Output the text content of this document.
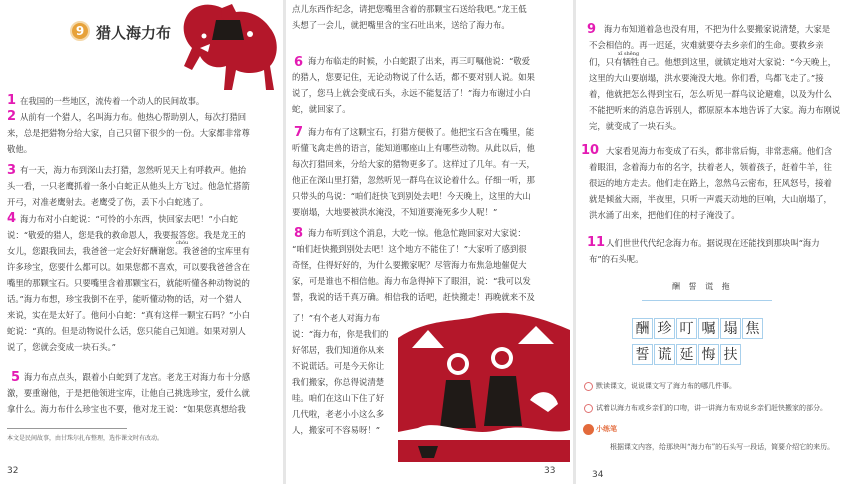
9 猎人海力布
1
2
3
4
5
在我国的一些地区，流传着一个动人的民间故事。
从前有一个猎人，名叫海力布。他热心帮助别人，每次打猎回
来，总是把猎物分给大家，自己只留下很少的一份。大家都非常尊
敬他。
有一天，海力布到深山去打猎，忽然听见天上有呼救声。他抬
头一看，一只老鹰抓着一条小白蛇正从他头上方飞过。他急忙搭箭
开弓，对准老鹰射去。老鹰受了伤，丢下小白蛇逃了。
海力布对小白蛇说：“可怜的小东西，快回家去吧！”小白蛇
说：“敬爱的猎人，您是我的救命恩人，我要报答您。我是龙王的
chóu
女儿，您跟我回去，我爸爸一定会好好酬谢您。我爸爸的宝库里有
许多珍宝，您要什么都可以。如果您都不喜欢，可以要我爸爸含在
嘴里的那颗宝石。只要嘴里含着那颗宝石，就能听懂各种动物说的
话。”海力布想，珍宝我倒不在乎，能听懂动物的话，对一个猎人
来说，实在是太好了。他问小白蛇：“真有这样一颗宝石吗？”小白
蛇说：“真的。但是动物说什么话，您只能自己知道。如果对别人
说了，您就会变成一块石头。”
海力布点点头，跟着小白蛇到了龙宫。老龙王对海力布十分感
激，要重谢他，于是把他领进宝库，让他自己挑选珍宝，爱什么就
拿什么。海力布什么珍宝也不要，他对龙王说：“如果您真想给我
本文是民间故事，由甘珠尔扎布整理，选作课文时有改动。
32
6
7
8
点儿东西作纪念，请把您嘴里含着的那颗宝石送给我吧。”龙王低
头想了一会儿，就把嘴里含的宝石吐出来，送给了海力布。
海力布临走的时候，小白蛇跟了出来，再三叮嘱他说：“敬爱
的猎人，您要记住，无论动物说了什么话，都不要对别人说。如果
说了，您马上就会变成石头，永远不能复活了！”海力布谢过小白
蛇，就回家了。
海力布有了这颗宝石，打猎方便极了。他把宝石含在嘴里，能
听懂飞禽走兽的语言，能知道哪座山上有哪些动物。从此以后，他
每次打猎回来，分给大家的猎物更多了。这样过了几年。有一天，
他正在深山里打猎，忽然听见一群鸟在议论着什么。仔细一听，那
只带头的鸟说：“咱们赶快飞到别处去吧！今天晚上，这里的大山
要崩塌，大地要被洪水淹没，不知道要淹死多少人呢！”
海力布听到这个消息，大吃一惊。他急忙跑回家对大家说：
“咱们赶快搬到别处去吧！这个地方不能住了！”大家听了感到很
奇怪，住得好好的，为什么要搬家呢？尽管海力布焦急地催促大
家，可是谁也不相信他。海力布急得掉下了眼泪，说：“我可以发
誓，我说的话千真万确。相信我的话吧，赶快搬走！再晚就来不及
了！”有个老人对海力布
说：“海力布，你是我们的
好邻居，我们知道你从来
不说谎话。可是今天你让
我们搬家，你总得说清楚
哇。咱们在这山下住了好
几代啦，老老小小这么多
人，搬家可不容易呀！”
33
9
10
11
海力布知道着急也没有用，不把为什么要搬家说清楚，大家是
不会相信的。再一迟延，灾难就要夺去乡亲们的生命。要救乡亲
xī shēng
们，只有牺牲自己。他想到这里，就镇定地对大家说：“今天晚上，
这里的大山要崩塌，洪水要淹没大地。你们看，鸟都飞走了。”接
着，他就把怎么得到宝石，怎么听见一群鸟议论避难，以及为什么
不能把听来的消息告诉别人，都原原本本地告诉了大家。海力布刚说
完，就变成了一块石头。
大家看见海力布变成了石头，都非常后悔，非常悲痛。他们含
着眼泪，念着海力布的名字，扶着老人，领着孩子，赶着牛羊，往
很远的地方走去。他们走在路上，忽然乌云密布，狂风怒号，接着
就是倾盆大雨，半夜里，只听一声震天动地的巨响，大山崩塌了，
洪水涌了出来，把他们住的村子淹没了。
人们世世代代纪念海力布。据说现在还能找到那块叫“海力
布”的石头呢。
酬 誓 谎 拖
酬 珍 叮 嘱 塌 焦
誓 谎 延 悔 扶
默读课文，说说课文写了海力布的哪几件事。
试着以海力布或乡亲们的口吻，讲一讲海力布劝说乡亲们赶快搬家的部分。
小练笔
根据课文内容，给那块叫“海力布”的石头写一段话，简要介绍它的来历。
34
